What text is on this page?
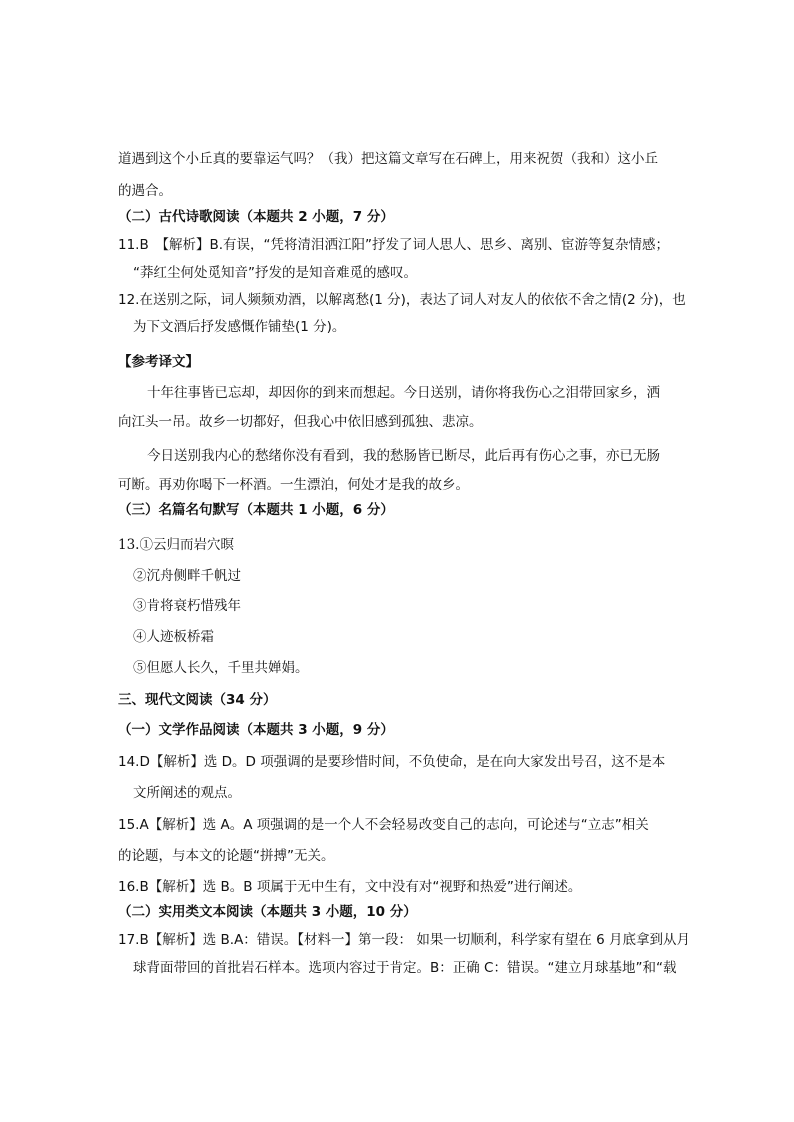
道遇到这个小丘真的要靠运气吗？（我）把这篇文章写在石碑上，用来祝贺（我和）这小丘
的遇合。
（二）古代诗歌阅读（本题共 2 小题，7 分）
11.B　【解析】B.有误，“凭将清泪洒江阳”抒发了词人思人、思乡、离别、宦游等复杂情感；
“莽红尘何处觅知音”抒发的是知音难觅的感叹。
12.在送别之际，词人频频劝酒，以解离愁(1 分)，表达了词人对友人的依依不舍之情(2 分)，也
为下文酒后抒发感慨作铺垫(1 分)。
【参考译文】
十年往事皆已忘却，却因你的到来而想起。今日送别，请你将我伤心之泪带回家乡，洒
向江头一吊。故乡一切都好，但我心中依旧感到孤独、悲凉。
今日送别我内心的愁绪你没有看到，我的愁肠皆已断尽，此后再有伤心之事，亦已无肠
可断。再劝你喝下一杯酒。一生漂泊，何处才是我的故乡。
（三）名篇名句默写（本题共 1 小题，6 分）
13.①云归而岩穴暝
②沉舟侧畔千帆过
③肯将衰朽惜残年
④人迹板桥霜
⑤但愿人长久，千里共婵娟。
三、现代文阅读（34 分）
（一）文学作品阅读（本题共 3 小题，9 分）
14.D【解析】选 D。D 项强调的是要珍惜时间，不负使命，是在向大家发出号召，这不是本
文所阐述的观点。
15.A【解析】选 A。A 项强调的是一个人不会轻易改变自己的志向，可论述与“立志”相关
的论题，与本文的论题“拼搏”无关。
16.B【解析】选 B。B 项属于无中生有，文中没有对“视野和热爱”进行阐述。
（二）实用类文本阅读（本题共 3 小题，10 分）
17.B【解析】选 B.A：错误。【材料一】第一段： 如果一切顺利，科学家有望在 6 月底拿到从月
球背面带回的首批岩石样本。选项内容过于肯定。B：正确 C：错误。“建立月球基地”和“载
